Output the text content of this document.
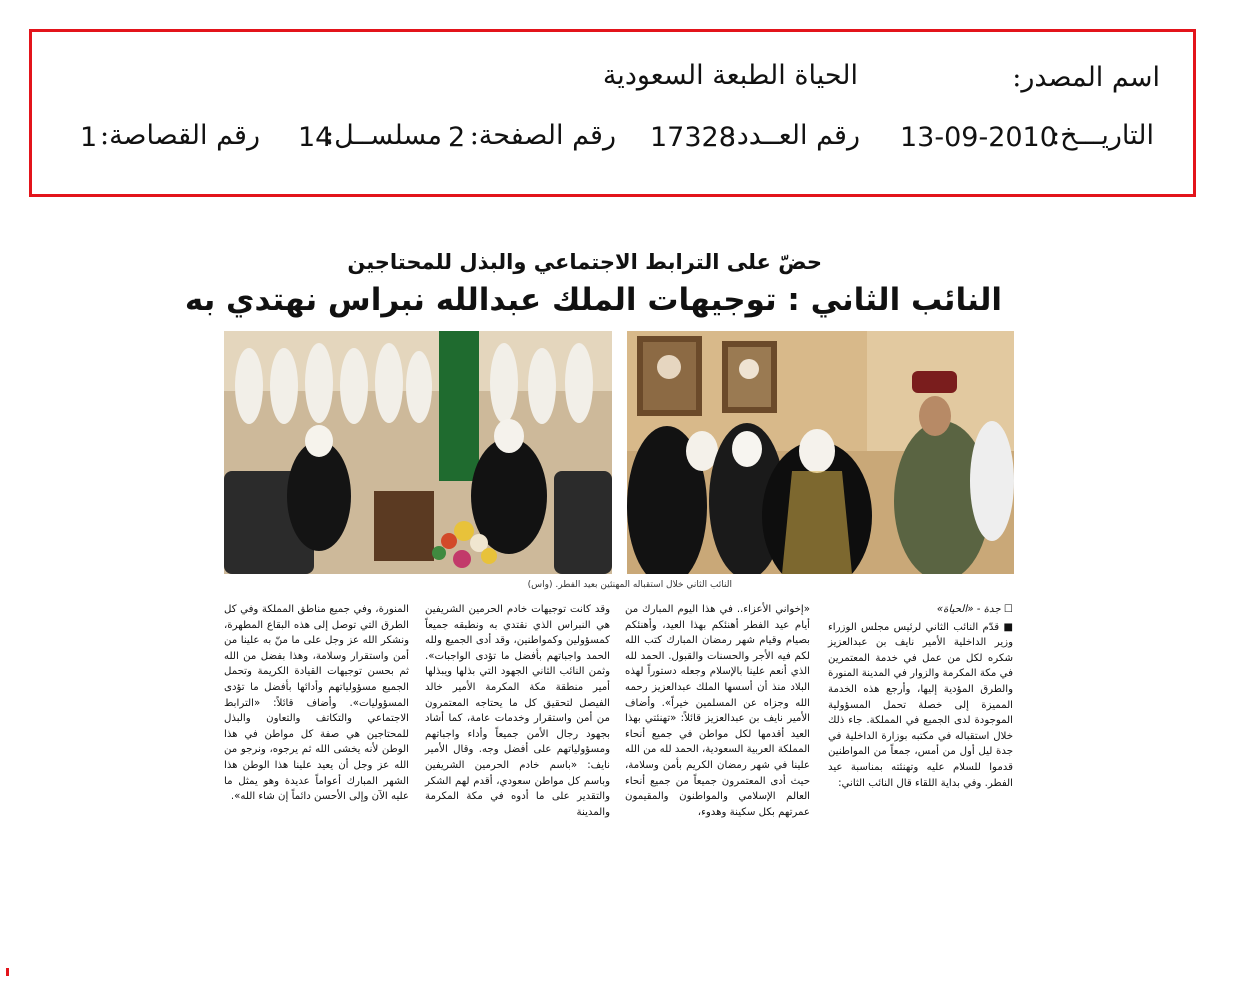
اسم المصدر:
الحياة الطبعة السعودية
التاريـــخ:
13-09-2010
رقم العــدد:
17328
رقم الصفحة:
2
مسلســل:
14
رقم القصاصة:
1
حضّ على الترابط الاجتماعي والبذل للمحتاجين
النائب الثاني : توجيهات الملك عبدالله نبراس نهتدي به
النائب الثاني خلال استقباله المهنئين بعيد الفطر. (واس)

☐ جدة - «الحياة»

■ قدّم النائب الثاني لرئيس مجلس الوزراء وزير الداخلية الأمير نايف بن عبدالعزيز شكره لكل من عمل في خدمة المعتمرين في مكة المكرمة والزوار في المدينة المنورة والطرق المؤدية إليها، وأرجع هذه الخدمة المميزة إلى خصلة تحمل المسؤولية الموجودة لدى الجميع في المملكة. جاء ذلك خلال استقباله في مكتبه بوزارة الداخلية في جدة ليل أول من أمس، جمعاً من المواطنين قدموا للسلام عليه وتهنئته بمناسبة عيد الفطر. وفي بداية اللقاء قال النائب الثاني:

«إخواني الأعزاء.. في هذا اليوم المبارك من أيام عيد الفطر أهنئكم بهذا العيد، وأهنئكم بصيام وقيام شهر رمضان المبارك كتب الله لكم فيه الأجر والحسنات والقبول. الحمد لله الذي أنعم علينا بالإسلام وجعله دستوراً لهذه البلاد منذ أن أسسها الملك عبدالعزيز رحمه الله وجزاه عن المسلمين خيراً». وأضاف الأمير نايف بن عبدالعزيز قائلاً: «تهنئتي بهذا العيد أقدمها لكل مواطن في جميع أنحاء المملكة العربية السعودية، الحمد لله من الله علينا في شهر رمضان الكريم بأمن وسلامة، حيث أدى المعتمرون جميعاً من جميع أنحاء العالم الإسلامي والمواطنون والمقيمون عمرتهم بكل سكينة وهدوء،

وقد كانت توجيهات خادم الحرمين الشريفين هي النبراس الذي نقتدي به ونطبقه جميعاً كمسؤولين وكمواطنين، وقد أدى الجميع ولله الحمد واجباتهم بأفضل ما تؤدى الواجبات». وثمن النائب الثاني الجهود التي بذلها ويبذلها أمير منطقة مكة المكرمة الأمير خالد الفيصل لتحقيق كل ما يحتاجه المعتمرون من أمن واستقرار وخدمات عامة، كما أشاد بجهود رجال الأمن جميعاً وأداء واجباتهم ومسؤولياتهم على أفضل وجه. وقال الأمير نايف: «باسم خادم الحرمين الشريفين وباسم كل مواطن سعودي، أقدم لهم الشكر والتقدير على ما أدوه في مكة المكرمة والمدينة

المنورة، وفي جميع مناطق المملكة وفي كل الطرق التي توصل إلى هذه البقاع المطهرة، ونشكر الله عز وجل على ما منّ به علينا من أمن واستقرار وسلامة، وهذا بفضل من الله ثم بحسن توجيهات القيادة الكريمة وتحمل الجميع مسؤولياتهم وأدائها بأفضل ما تؤدى المسؤوليات». وأضاف قائلاً: «الترابط الاجتماعي والتكاتف والتعاون والبذل للمحتاجين هي صفة كل مواطن في هذا الوطن لأنه يخشى الله ثم يرجوه، ونرجو من الله عز وجل أن يعيد علينا هذا الوطن هذا الشهر المبارك أعواماً عديدة وهو يمثل ما عليه الآن وإلى الأحسن دائماً إن شاء الله».
